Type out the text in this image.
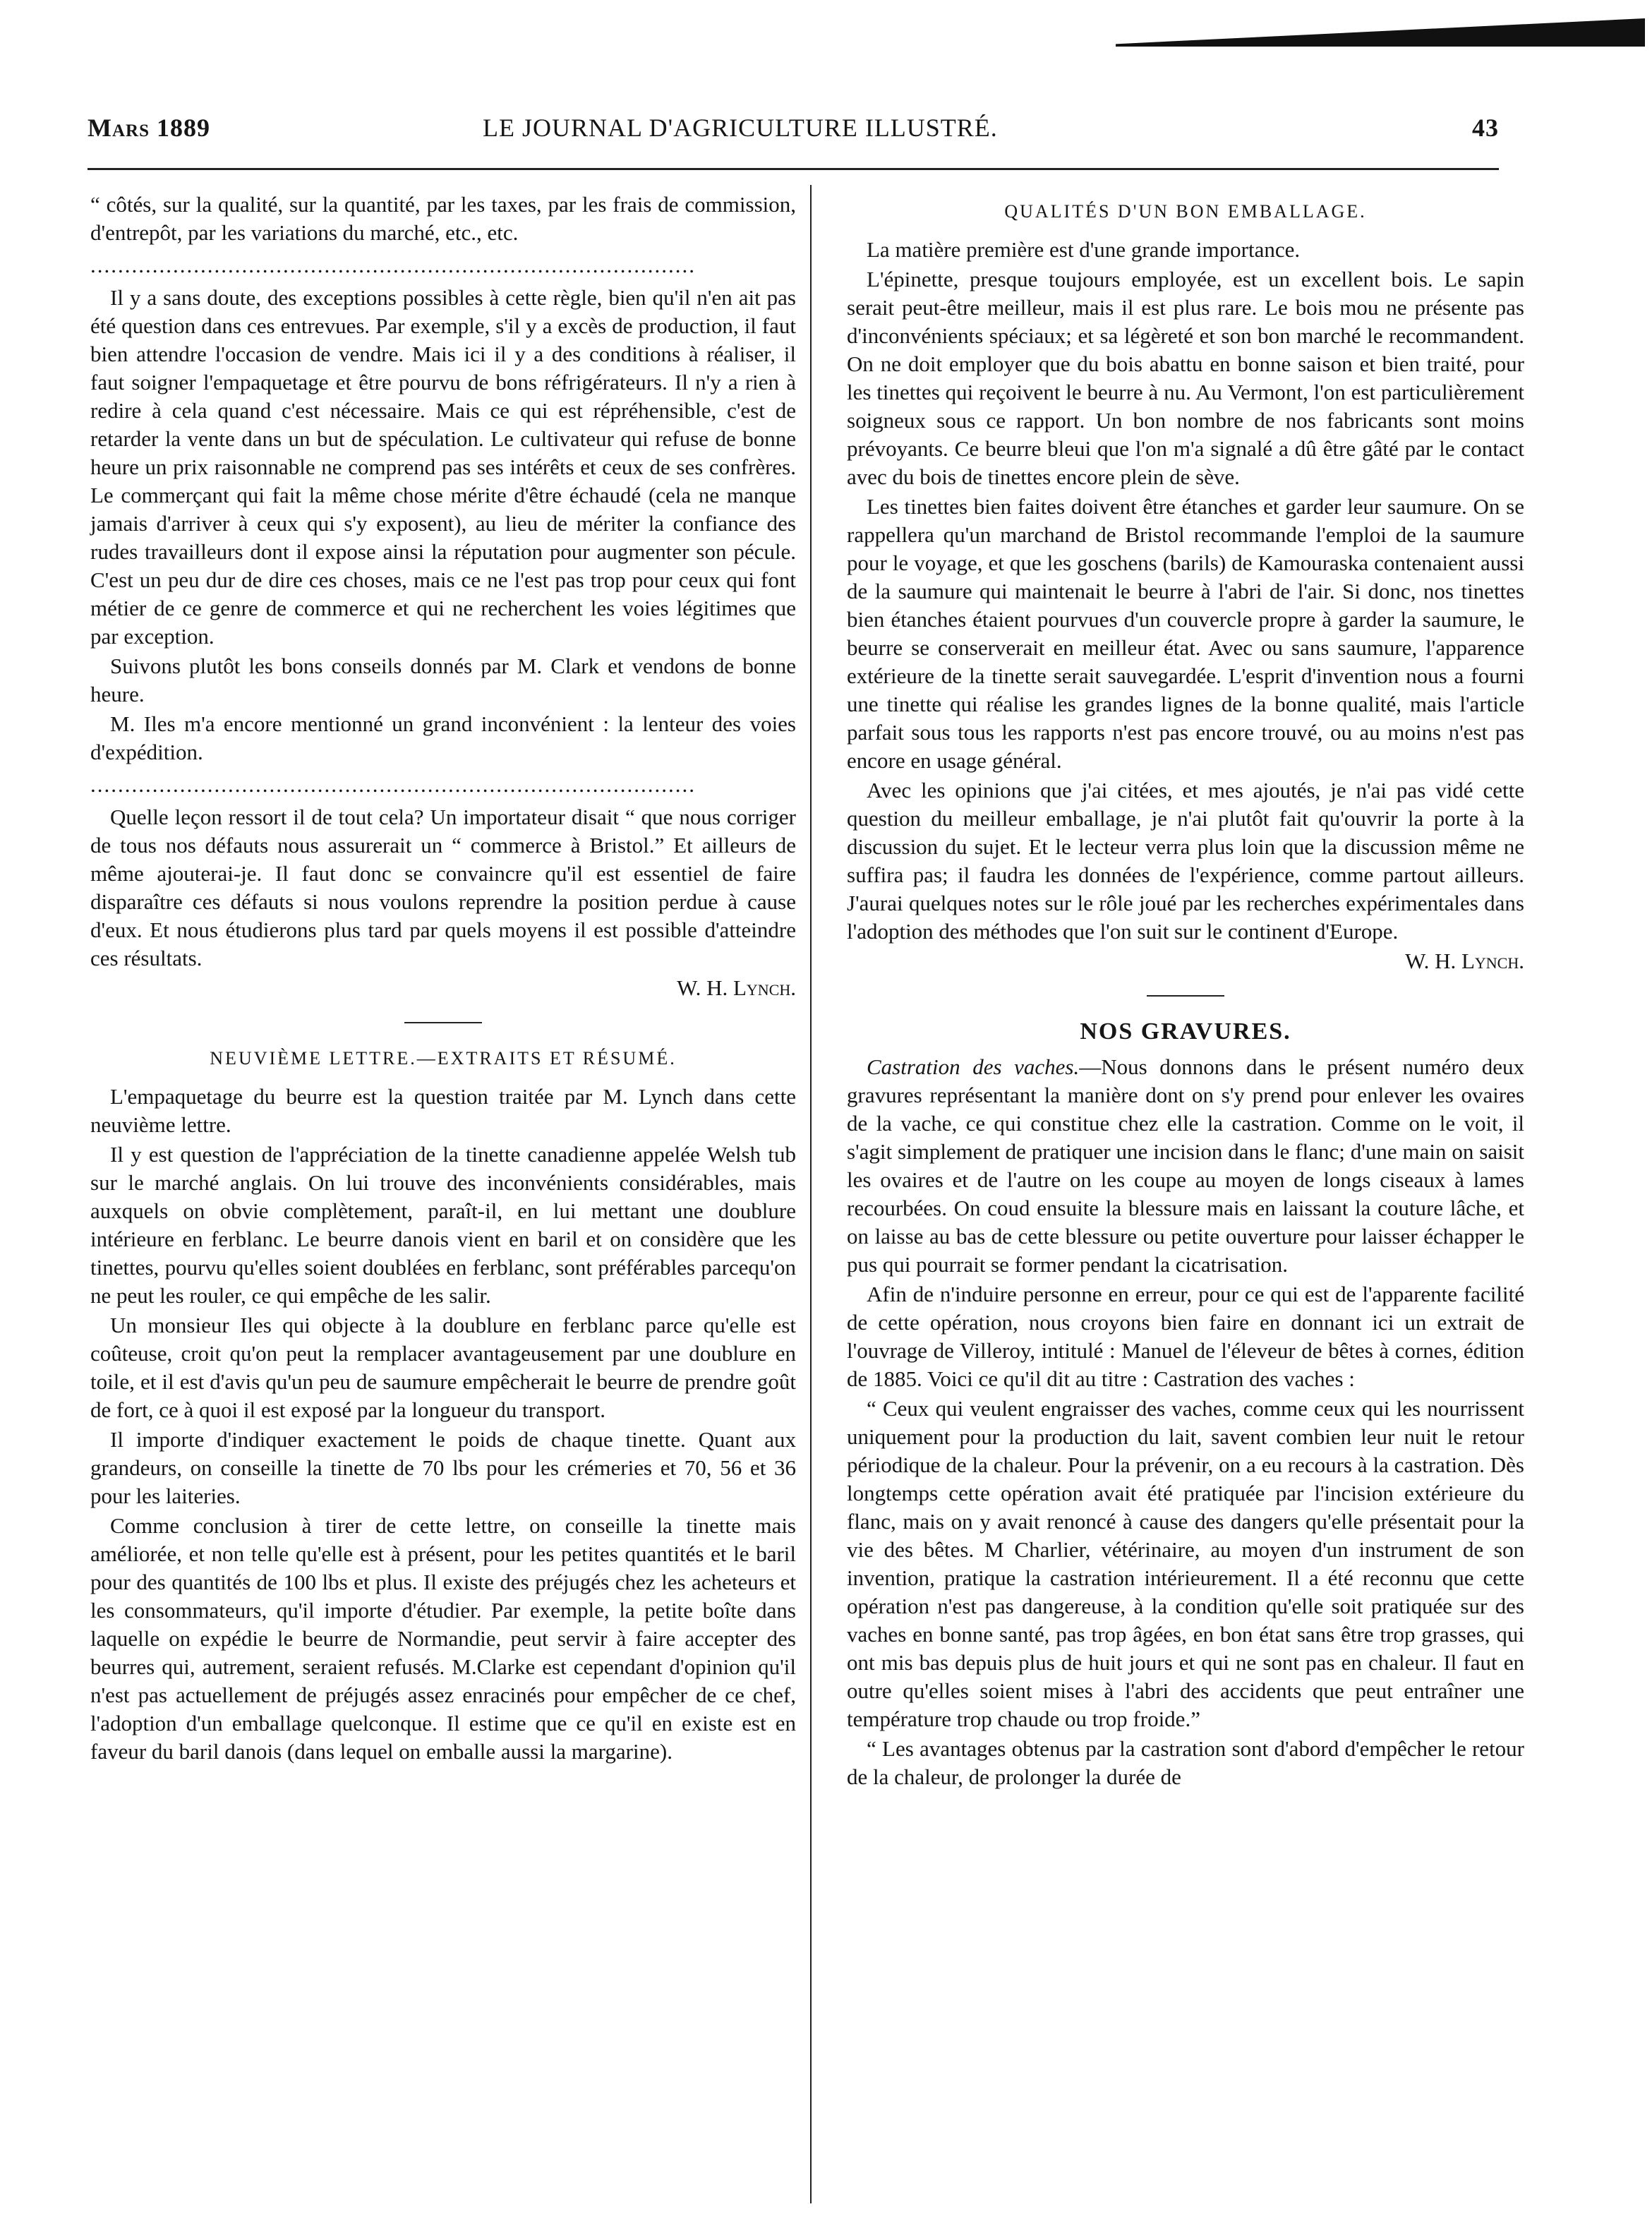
Mars 1889	LE JOURNAL D'AGRICULTURE ILLUSTRÉ.	43

“ côtés, sur la qualité, sur la quantité, par les taxes, par les frais de commission, d'entrepôt, par les variations du marché, etc., etc.

........................................................................................

Il y a sans doute, des exceptions possibles à cette règle, bien qu'il n'en ait pas été question dans ces entrevues. Par exemple, s'il y a excès de production, il faut bien attendre l'occasion de vendre. Mais ici il y a des conditions à réaliser, il faut soigner l'empaquetage et être pourvu de bons réfrigérateurs. Il n'y a rien à redire à cela quand c'est nécessaire. Mais ce qui est répréhensible, c'est de retarder la vente dans un but de spéculation. Le cultivateur qui refuse de bonne heure un prix raisonnable ne comprend pas ses intérêts et ceux de ses confrères. Le commerçant qui fait la même chose mérite d'être échaudé (cela ne manque jamais d'arriver à ceux qui s'y exposent), au lieu de mériter la confiance des rudes travailleurs dont il expose ainsi la réputation pour augmenter son pécule. C'est un peu dur de dire ces choses, mais ce ne l'est pas trop pour ceux qui font métier de ce genre de commerce et qui ne recherchent les voies légitimes que par exception.

Suivons plutôt les bons conseils donnés par M. Clark et vendons de bonne heure.

M. Iles m'a encore mentionné un grand inconvénient : la lenteur des voies d'expédition.

........................................................................................

Quelle leçon ressort il de tout cela? Un importateur disait “ que nous corriger de tous nos défauts nous assurerait un “ commerce à Bristol.” Et ailleurs de même ajouterai-je. Il faut donc se convaincre qu'il est essentiel de faire disparaître ces défauts si nous voulons reprendre la position perdue à cause d'eux. Et nous étudierons plus tard par quels moyens il est possible d'atteindre ces résultats.

W. H. Lynch.

NEUVIÈME LETTRE.—EXTRAITS ET RÉSUMÉ.

L'empaquetage du beurre est la question traitée par M. Lynch dans cette neuvième lettre.

Il y est question de l'appréciation de la tinette canadienne appelée Welsh tub sur le marché anglais. On lui trouve des inconvénients considérables, mais auxquels on obvie complètement, paraît-il, en lui mettant une doublure intérieure en ferblanc. Le beurre danois vient en baril et on considère que les tinettes, pourvu qu'elles soient doublées en ferblanc, sont préférables parcequ'on ne peut les rouler, ce qui empêche de les salir.

Un monsieur Iles qui objecte à la doublure en ferblanc parce qu'elle est coûteuse, croit qu'on peut la remplacer avantageusement par une doublure en toile, et il est d'avis qu'un peu de saumure empêcherait le beurre de prendre goût de fort, ce à quoi il est exposé par la longueur du transport.

Il importe d'indiquer exactement le poids de chaque tinette. Quant aux grandeurs, on conseille la tinette de 70 lbs pour les crémeries et 70, 56 et 36 pour les laiteries.

Comme conclusion à tirer de cette lettre, on conseille la tinette mais améliorée, et non telle qu'elle est à présent, pour les petites quantités et le baril pour des quantités de 100 lbs et plus. Il existe des préjugés chez les acheteurs et les consommateurs, qu'il importe d'étudier. Par exemple, la petite boîte dans laquelle on expédie le beurre de Normandie, peut servir à faire accepter des beurres qui, autrement, seraient refusés. M.Clarke est cependant d'opinion qu'il n'est pas actuellement de préjugés assez enracinés pour empêcher de ce chef, l'adoption d'un emballage quelconque. Il estime que ce qu'il en existe est en faveur du baril danois (dans lequel on emballe aussi la margarine).

QUALITÉS D'UN BON EMBALLAGE.

La matière première est d'une grande importance.

L'épinette, presque toujours employée, est un excellent bois. Le sapin serait peut-être meilleur, mais il est plus rare. Le bois mou ne présente pas d'inconvénients spéciaux; et sa légèreté et son bon marché le recommandent. On ne doit employer que du bois abattu en bonne saison et bien traité, pour les tinettes qui reçoivent le beurre à nu. Au Vermont, l'on est particulièrement soigneux sous ce rapport. Un bon nombre de nos fabricants sont moins prévoyants. Ce beurre bleui que l'on m'a signalé a dû être gâté par le contact avec du bois de tinettes encore plein de sève.

Les tinettes bien faites doivent être étanches et garder leur saumure. On se rappellera qu'un marchand de Bristol recommande l'emploi de la saumure pour le voyage, et que les goschens (barils) de Kamouraska contenaient aussi de la saumure qui maintenait le beurre à l'abri de l'air. Si donc, nos tinettes bien étanches étaient pourvues d'un couvercle propre à garder la saumure, le beurre se conserverait en meilleur état. Avec ou sans saumure, l'apparence extérieure de la tinette serait sauvegardée. L'esprit d'invention nous a fourni une tinette qui réalise les grandes lignes de la bonne qualité, mais l'article parfait sous tous les rapports n'est pas encore trouvé, ou au moins n'est pas encore en usage général.

Avec les opinions que j'ai citées, et mes ajoutés, je n'ai pas vidé cette question du meilleur emballage, je n'ai plutôt fait qu'ouvrir la porte à la discussion du sujet. Et le lecteur verra plus loin que la discussion même ne suffira pas; il faudra les données de l'expérience, comme partout ailleurs. J'aurai quelques notes sur le rôle joué par les recherches expérimentales dans l'adoption des méthodes que l'on suit sur le continent d'Europe.

W. H. Lynch.

NOS GRAVURES.

Castration des vaches.—Nous donnons dans le présent numéro deux gravures représentant la manière dont on s'y prend pour enlever les ovaires de la vache, ce qui constitue chez elle la castration. Comme on le voit, il s'agit simplement de pratiquer une incision dans le flanc; d'une main on saisit les ovaires et de l'autre on les coupe au moyen de longs ciseaux à lames recourbées. On coud ensuite la blessure mais en laissant la couture lâche, et on laisse au bas de cette blessure ou petite ouverture pour laisser échapper le pus qui pourrait se former pendant la cicatrisation.

Afin de n'induire personne en erreur, pour ce qui est de l'apparente facilité de cette opération, nous croyons bien faire en donnant ici un extrait de l'ouvrage de Villeroy, intitulé : Manuel de l'éleveur de bêtes à cornes, édition de 1885. Voici ce qu'il dit au titre : Castration des vaches :

“ Ceux qui veulent engraisser des vaches, comme ceux qui les nourrissent uniquement pour la production du lait, savent combien leur nuit le retour périodique de la chaleur. Pour la prévenir, on a eu recours à la castration. Dès longtemps cette opération avait été pratiquée par l'incision extérieure du flanc, mais on y avait renoncé à cause des dangers qu'elle présentait pour la vie des bêtes. M Charlier, vétérinaire, au moyen d'un instrument de son invention, pratique la castration intérieurement. Il a été reconnu que cette opération n'est pas dangereuse, à la condition qu'elle soit pratiquée sur des vaches en bonne santé, pas trop âgées, en bon état sans être trop grasses, qui ont mis bas depuis plus de huit jours et qui ne sont pas en chaleur. Il faut en outre qu'elles soient mises à l'abri des accidents que peut entraîner une température trop chaude ou trop froide.”

“ Les avantages obtenus par la castration sont d'abord d'empêcher le retour de la chaleur, de prolonger la durée de
